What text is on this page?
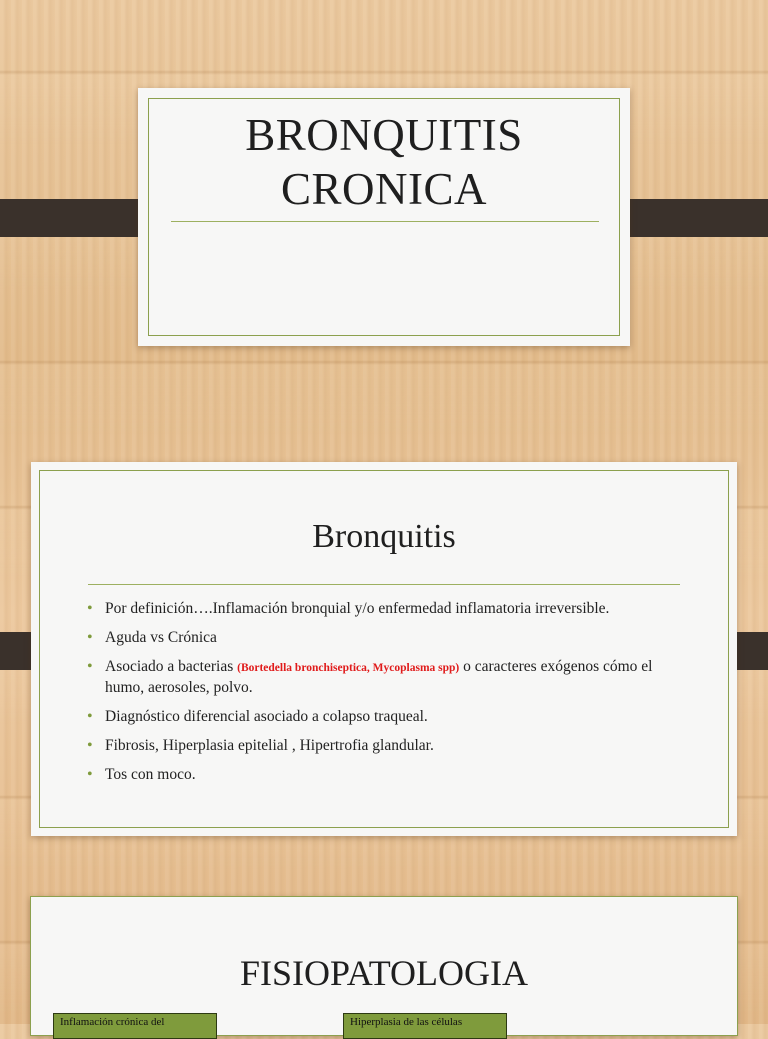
BRONQUITIS CRONICA
Bronquitis
• Por definición….Inflamación bronquial y/o enfermedad inflamatoria irreversible.
• Aguda vs Crónica
• Asociado a bacterias (Bortedella bronchiseptica, Mycoplasma spp) o caracteres exógenos cómo el humo, aerosoles, polvo.
• Diagnóstico diferencial asociado a colapso traqueal.
• Fibrosis, Hiperplasia epitelial , Hipertrofia glandular.
• Tos con moco.
FISIOPATOLOGIA
Inflamación crónica del	Hiperplasia de las células
